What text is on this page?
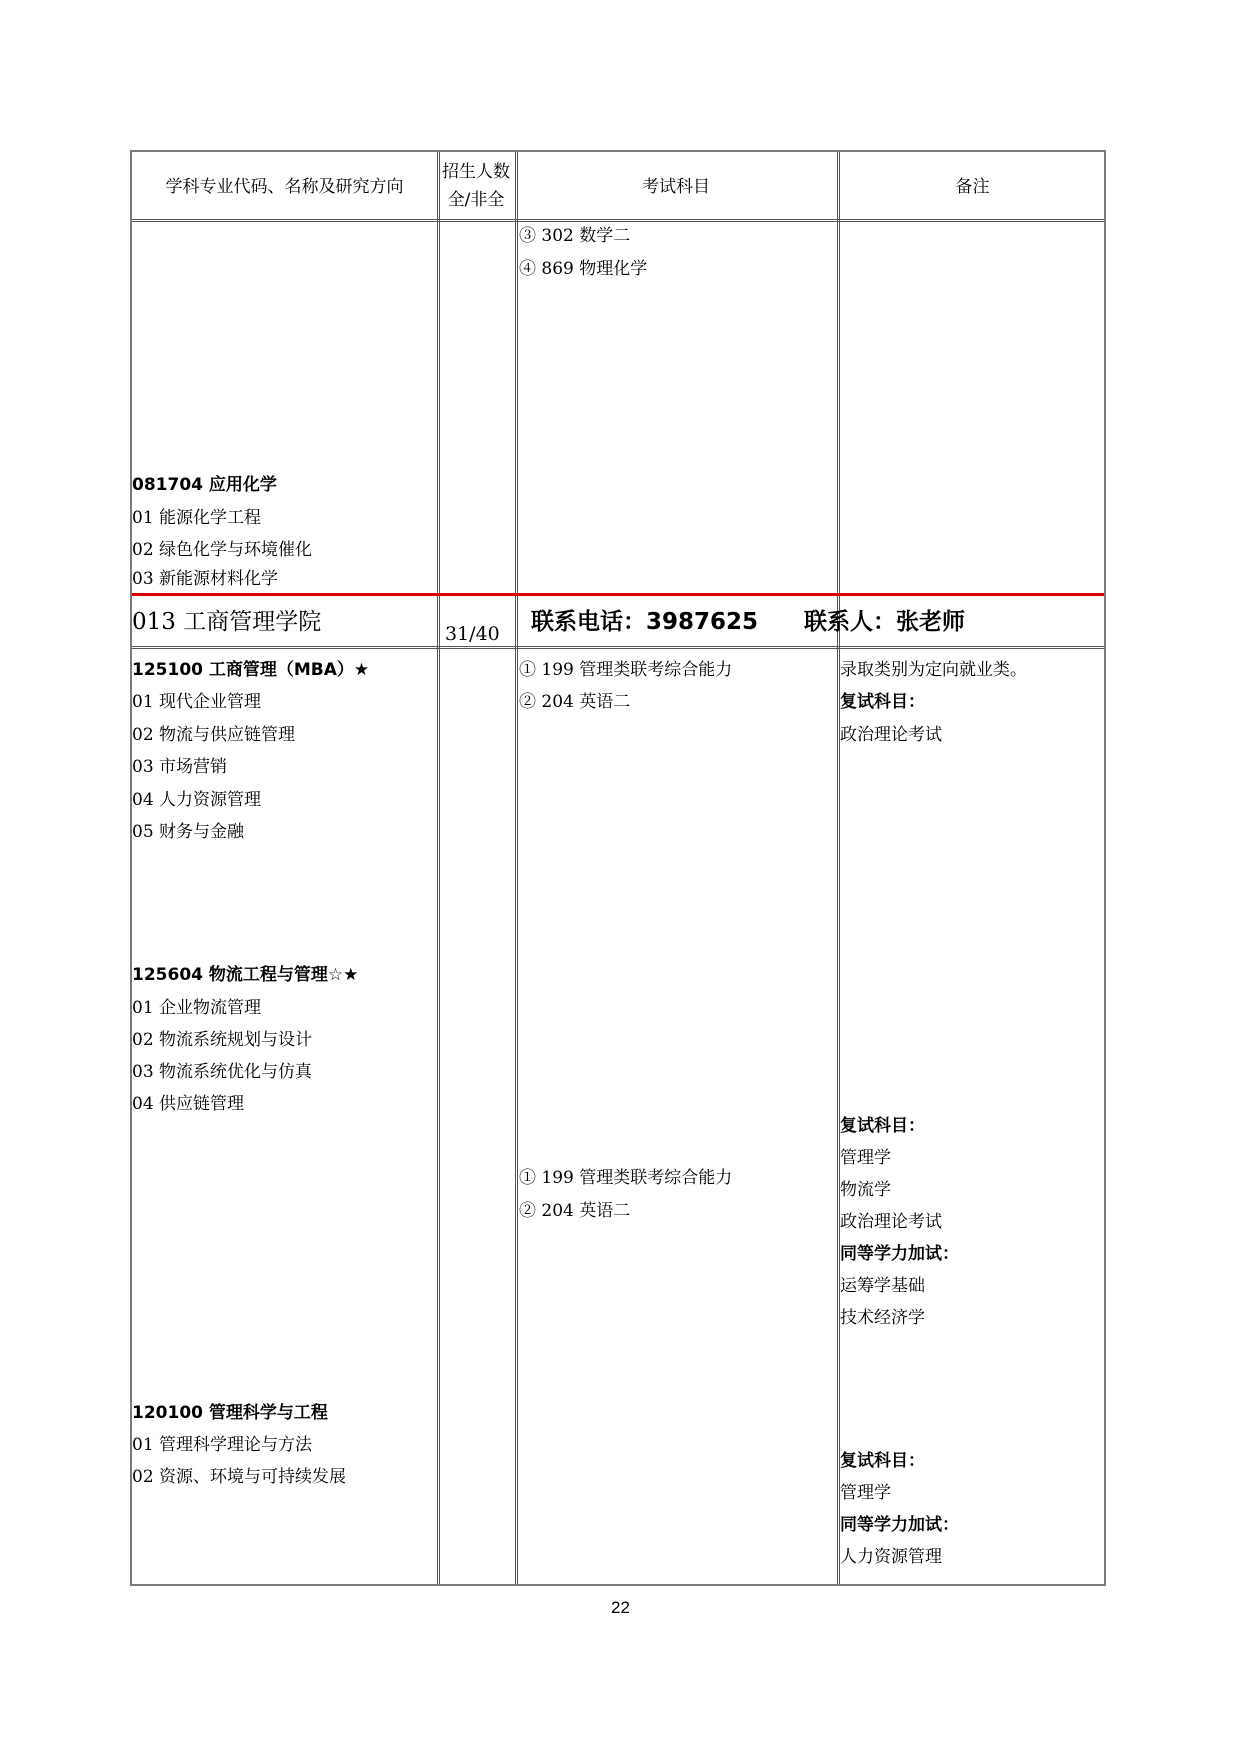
学科专业代码、名称及研究方向
招生人数
全/非全
考试科目	备注
③ 302 数学二
④ 869 物理化学
081704 应用化学
01 能源化学工程
02 绿色化学与环境催化
03 新能源材料化学
013 工商管理学院	31/40 联系电话：3987625　　联系人：张老师
125100 工商管理（MBA）★
01 现代企业管理
02 物流与供应链管理
03 市场营销
04 人力资源管理
05 财务与金融
① 199 管理类联考综合能力
② 204 英语二
录取类别为定向就业类。
复试科目：
政治理论考试
125604 物流工程与管理☆★
01 企业物流管理
02 物流系统规划与设计
03 物流系统优化与仿真
04 供应链管理
① 199 管理类联考综合能力
② 204 英语二
复试科目：
管理学
物流学
政治理论考试
同等学力加试：
运筹学基础
技术经济学
120100 管理科学与工程
01 管理科学理论与方法
02 资源、环境与可持续发展
复试科目：
管理学
同等学力加试：
人力资源管理
22
